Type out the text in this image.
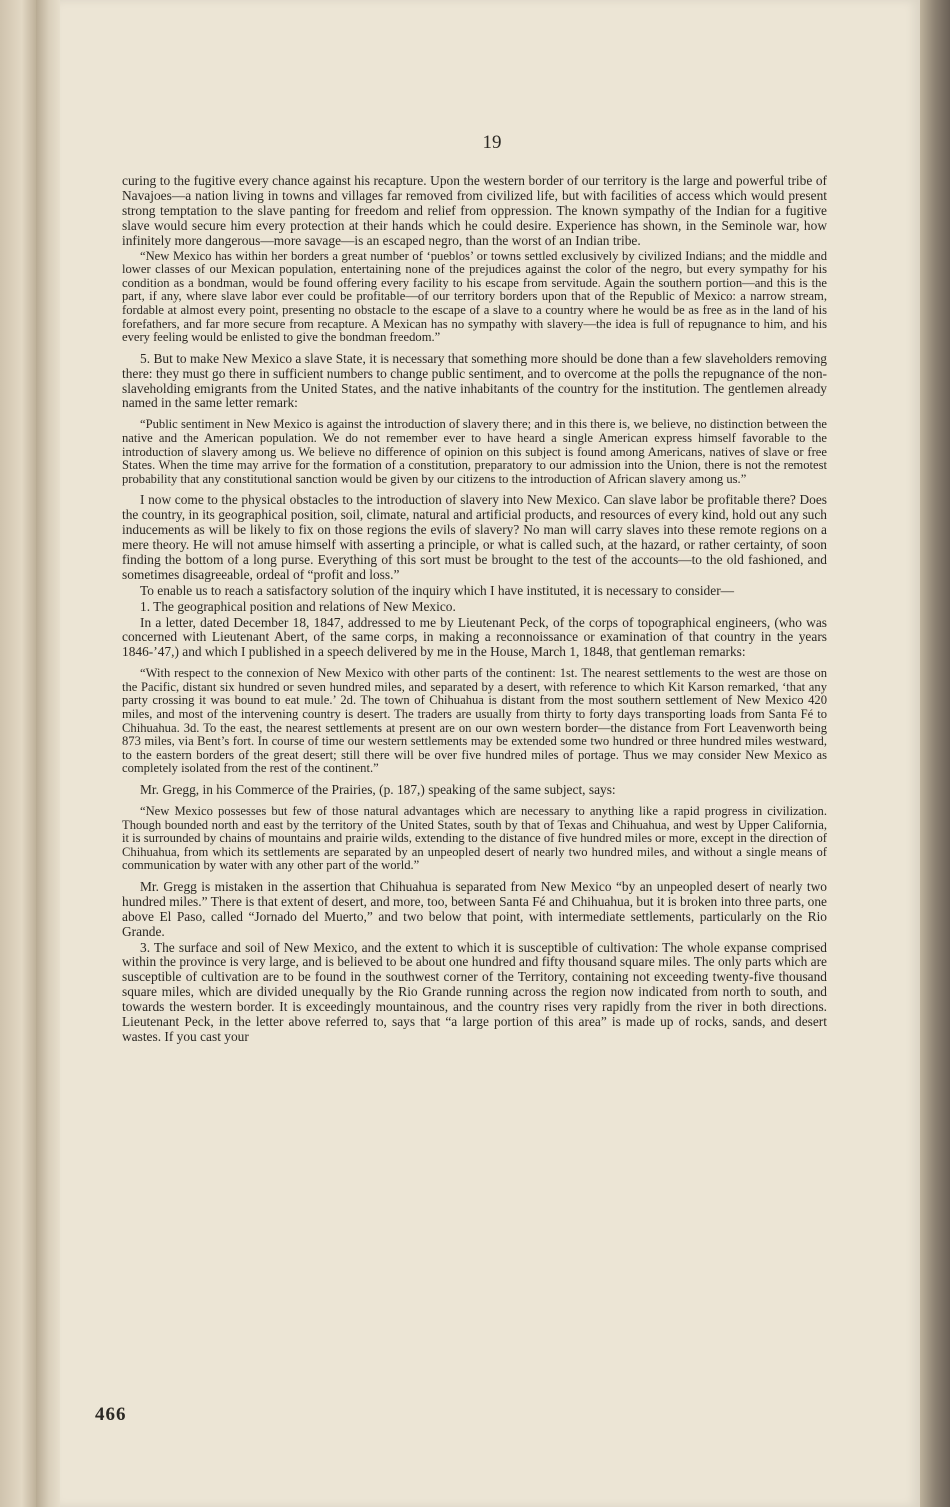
19

curing to the fugitive every chance against his recapture. Upon the western border of our territory is the large and powerful tribe of Navajoes—a nation living in towns and villages far removed from civilized life, but with facilities of access which would present strong temptation to the slave panting for freedom and relief from oppression. The known sympathy of the Indian for a fugitive slave would secure him every protection at their hands which he could desire. Experience has shown, in the Seminole war, how infinitely more dangerous—more savage—is an escaped negro, than the worst of an Indian tribe.

“New Mexico has within her borders a great number of ‘pueblos’ or towns settled exclusively by civilized Indians; and the middle and lower classes of our Mexican population, entertaining none of the prejudices against the color of the negro, but every sympathy for his condition as a bondman, would be found offering every facility to his escape from servitude. Again the southern portion—and this is the part, if any, where slave labor ever could be profitable—of our territory borders upon that of the Republic of Mexico: a narrow stream, fordable at almost every point, presenting no obstacle to the escape of a slave to a country where he would be as free as in the land of his forefathers, and far more secure from recapture. A Mexican has no sympathy with slavery—the idea is full of repugnance to him, and his every feeling would be enlisted to give the bondman freedom.”

5. But to make New Mexico a slave State, it is necessary that something more should be done than a few slaveholders removing there: they must go there in sufficient numbers to change public sentiment, and to overcome at the polls the repugnance of the non-slaveholding emigrants from the United States, and the native inhabitants of the country for the institution. The gentlemen already named in the same letter remark:

“Public sentiment in New Mexico is against the introduction of slavery there; and in this there is, we believe, no distinction between the native and the American population. We do not remember ever to have heard a single American express himself favorable to the introduction of slavery among us. We believe no difference of opinion on this subject is found among Americans, natives of slave or free States. When the time may arrive for the formation of a constitution, preparatory to our admission into the Union, there is not the remotest probability that any constitutional sanction would be given by our citizens to the introduction of African slavery among us.”

I now come to the physical obstacles to the introduction of slavery into New Mexico. Can slave labor be profitable there? Does the country, in its geographical position, soil, climate, natural and artificial products, and resources of every kind, hold out any such inducements as will be likely to fix on those regions the evils of slavery? No man will carry slaves into these remote regions on a mere theory. He will not amuse himself with asserting a principle, or what is called such, at the hazard, or rather certainty, of soon finding the bottom of a long purse. Everything of this sort must be brought to the test of the accounts—to the old fashioned, and sometimes disagreeable, ordeal of “profit and loss.”

To enable us to reach a satisfactory solution of the inquiry which I have instituted, it is necessary to consider—

1. The geographical position and relations of New Mexico.

In a letter, dated December 18, 1847, addressed to me by Lieutenant Peck, of the corps of topographical engineers, (who was concerned with Lieutenant Abert, of the same corps, in making a reconnoissance or examination of that country in the years 1846-’47,) and which I published in a speech delivered by me in the House, March 1, 1848, that gentleman remarks:

“With respect to the connexion of New Mexico with other parts of the continent: 1st. The nearest settlements to the west are those on the Pacific, distant six hundred or seven hundred miles, and separated by a desert, with reference to which Kit Karson remarked, ‘that any party crossing it was bound to eat mule.’ 2d. The town of Chihuahua is distant from the most southern settlement of New Mexico 420 miles, and most of the intervening country is desert. The traders are usually from thirty to forty days transporting loads from Santa Fé to Chihuahua. 3d. To the east, the nearest settlements at present are on our own western border—the distance from Fort Leavenworth being 873 miles, via Bent’s fort. In course of time our western settlements may be extended some two hundred or three hundred miles westward, to the eastern borders of the great desert; still there will be over five hundred miles of portage. Thus we may consider New Mexico as completely isolated from the rest of the continent.”

Mr. Gregg, in his Commerce of the Prairies, (p. 187,) speaking of the same subject, says:

“New Mexico possesses but few of those natural advantages which are necessary to anything like a rapid progress in civilization. Though bounded north and east by the territory of the United States, south by that of Texas and Chihuahua, and west by Upper California, it is surrounded by chains of mountains and prairie wilds, extending to the distance of five hundred miles or more, except in the direction of Chihuahua, from which its settlements are separated by an unpeopled desert of nearly two hundred miles, and without a single means of communication by water with any other part of the world.”

Mr. Gregg is mistaken in the assertion that Chihuahua is separated from New Mexico “by an unpeopled desert of nearly two hundred miles.” There is that extent of desert, and more, too, between Santa Fé and Chihuahua, but it is broken into three parts, one above El Paso, called “Jornado del Muerto,” and two below that point, with intermediate settlements, particularly on the Rio Grande.

3. The surface and soil of New Mexico, and the extent to which it is susceptible of cultivation: The whole expanse comprised within the province is very large, and is believed to be about one hundred and fifty thousand square miles. The only parts which are susceptible of cultivation are to be found in the southwest corner of the Territory, containing not exceeding twenty-five thousand square miles, which are divided unequally by the Rio Grande running across the region now indicated from north to south, and towards the western border. It is exceedingly mountainous, and the country rises very rapidly from the river in both directions. Lieutenant Peck, in the letter above referred to, says that “a large portion of this area” is made up of rocks, sands, and desert wastes. If you cast your

466
